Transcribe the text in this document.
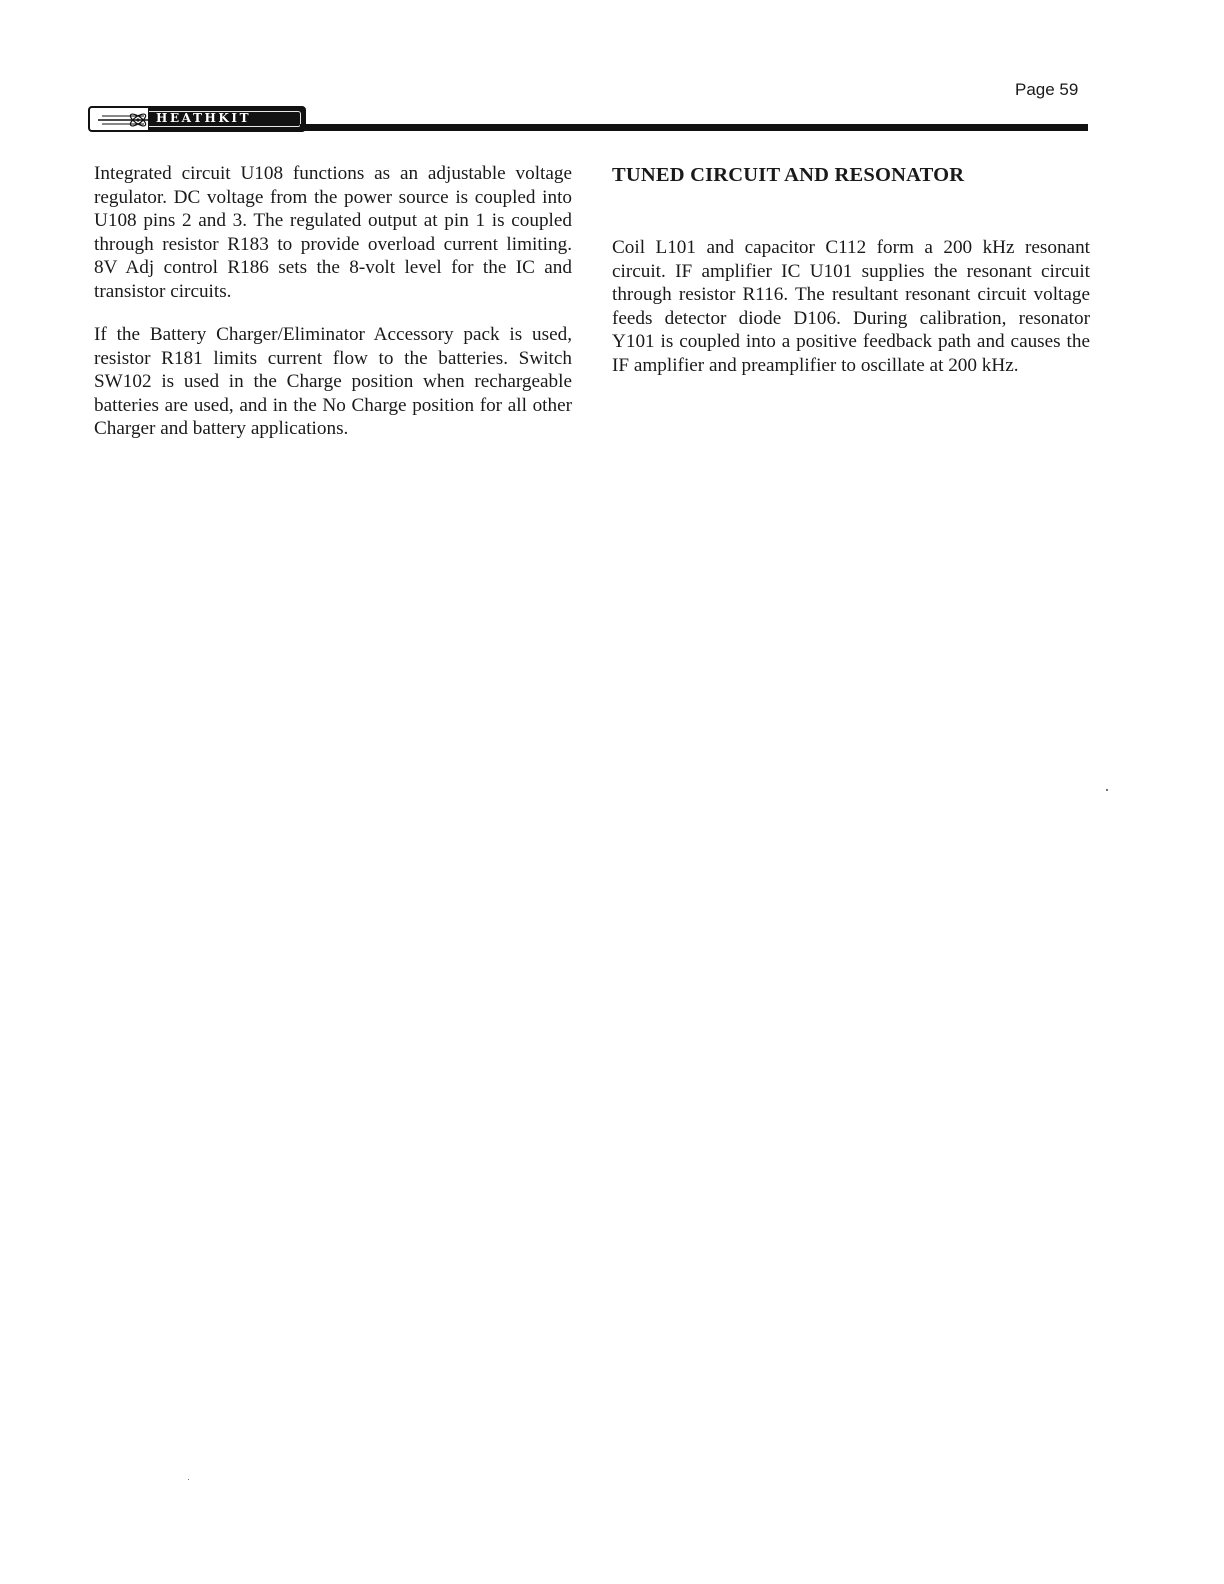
Page 59
HEATHKIT

Integrated circuit U108 functions as an adjustable voltage regulator. DC voltage from the power source is coupled into U108 pins 2 and 3. The regulated output at pin 1 is coupled through resistor R183 to provide overload current limiting. 8V Adj control R186 sets the 8-volt level for the IC and transistor circuits.

If the Battery Charger/Eliminator Accessory pack is used, resistor R181 limits current flow to the batteries. Switch SW102 is used in the Charge position when rechargeable batteries are used, and in the No Charge position for all other Charger and battery applications.

TUNED CIRCUIT AND RESONATOR

Coil L101 and capacitor C112 form a 200 kHz resonant circuit. IF amplifier IC U101 supplies the resonant circuit through resistor R116. The resultant resonant circuit voltage feeds detector diode D106. During calibration, resonator Y101 is coupled into a positive feedback path and causes the IF amplifier and preamplifier to oscillate at 200 kHz.
